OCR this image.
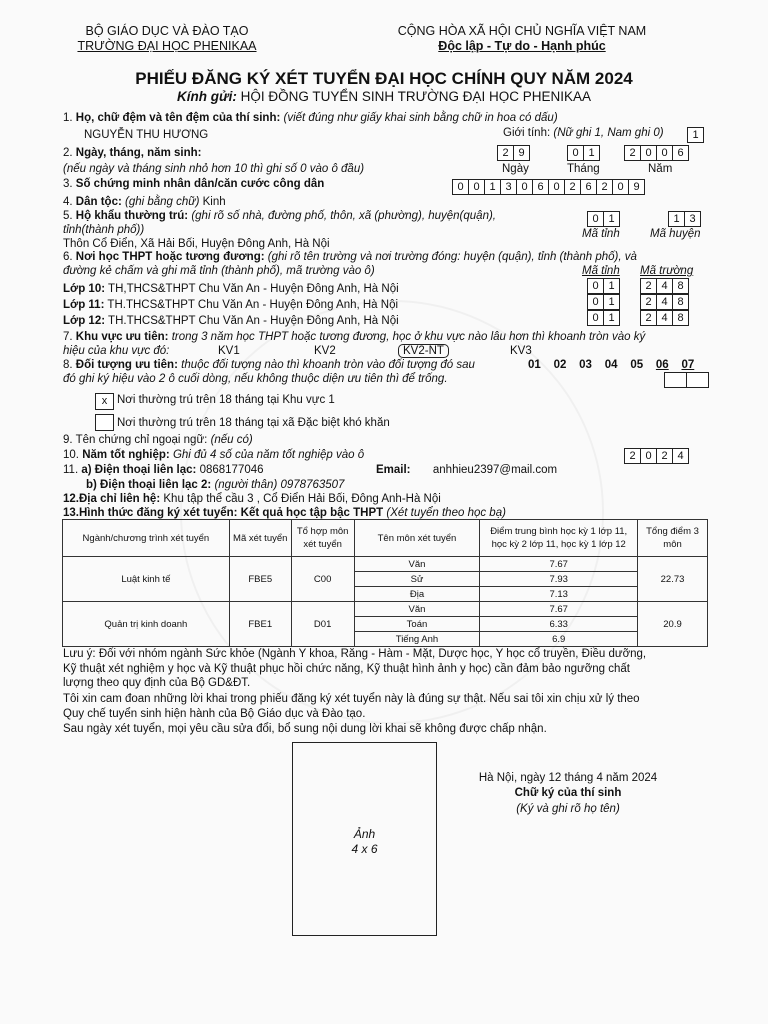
BỘ GIÁO DỤC VÀ ĐÀO TẠO
TRƯỜNG ĐẠI HỌC PHENIKAA
CỘNG HÒA XÃ HỘI CHỦ NGHĨA VIỆT NAM
Độc lập - Tự do - Hạnh phúc
PHIẾU ĐĂNG KÝ XÉT TUYỂN ĐẠI HỌC CHÍNH QUY NĂM 2024
Kính gửi: HỘI ĐỒNG TUYỂN SINH TRƯỜNG ĐẠI HỌC PHENIKAA
1. Họ, chữ đệm và tên đệm của thí sinh: (viết đúng như giấy khai sinh bằng chữ in hoa có dấu)
NGUYỄN THU HƯƠNG	Giới tính: (Nữ ghi 1, Nam ghi 0)	1
2. Ngày, tháng, năm sinh:	2 9	0 1	2 0 0 6
(nếu ngày và tháng sinh nhỏ hơn 10 thì ghi số 0 vào ô đầu)	Ngày	Tháng	Năm
3. Số chứng minh nhân dân/căn cước công dân	0 0 1 3 0 6 0 2 6 2 0 9
4. Dân tộc: (ghi bằng chữ) Kinh
5. Hộ khẩu thường trú: (ghi rõ số nhà, đường phố, thôn, xã (phường), huyện(quận),
tỉnh(thành phố))
Thôn Cổ Điển, Xã Hải Bối, Huyện Đông Anh, Hà Nội
0 1	1 3
Mã tỉnh	Mã huyện
6. Nơi học THPT hoặc tương đương: (ghi rõ tên trường và nơi trường đóng: huyện (quận), tỉnh (thành phố), và
đường kẻ chấm và ghi mã tỉnh (thành phố), mã trường vào ô)	Mã tỉnh Mã trường
Lớp 10: TH,THCS&THPT Chu Văn An - Huyện Đông Anh, Hà Nội
Lớp 11: TH.THCS&THPT Chu Văn An - Huyện Đông Anh, Hà Nội
Lớp 12: TH.THCS&THPT Chu Văn An - Huyện Đông Anh, Hà Nội
0 1	2 4 8
0 1	2 4 8
0 1	2 4 8
7. Khu vực ưu tiên: trong 3 năm học THPT hoặc tương đương, học ở khu vực nào lâu hơn thì khoanh tròn vào ký
hiệu của khu vực đó:	KV1	KV2	KV2-NT	KV3
8. Đối tượng ưu tiên: thuộc đối tượng nào thì khoanh tròn vào đối tượng đó sau
đó ghi ký hiệu vào 2 ô cuối dòng, nếu không thuộc diện ưu tiên thì để trống.
01 02 03 04 05 06 07
x Nơi thường trú trên 18 tháng tại Khu vực 1
Nơi thường trú trên 18 tháng tại xã Đặc biệt khó khăn
9. Tên chứng chỉ ngoại ngữ: (nếu có)
10. Năm tốt nghiệp: Ghi đủ 4 số của năm tốt nghiệp vào ô	2 0 2 4
11. a) Điện thoại liên lạc: 0868177046	Email: anhhieu2397@mail.com
b) Điện thoại liên lạc 2: (người thân) 0978763507
12.Địa chỉ liên hệ: Khu tập thể cầu 3 , Cổ Điển Hải Bối, Đông Anh-Hà Nội
13.Hình thức đăng ký xét tuyển: Kết quả học tập bậc THPT (Xét tuyển theo học bạ)
Ngành/chương trình xét tuyển	Mã xét tuyển	Tổ hợp môn xét tuyển	Tên môn xét tuyển	Điểm trung bình học kỳ 1 lớp 11, học kỳ 2 lớp 11, học kỳ 1 lớp 12	Tổng điểm 3 môn
Luật kinh tế	FBE5	C00	Văn	7.67	22.73
			Sử	7.93	
			Địa	7.13	
Quản trị kinh doanh	FBE1	D01	Văn	7.67	20.9
			Toán	6.33	
			Tiếng Anh	6.9	
Lưu ý: Đối với nhóm ngành Sức khỏe (Ngành Y khoa, Răng - Hàm - Mặt, Dược học, Y học cổ truyền, Điều dưỡng,
Kỹ thuật xét nghiệm y học và Kỹ thuật phục hồi chức năng, Kỹ thuật hình ảnh y học) cần đảm bảo ngưỡng chất
lượng theo quy định của Bộ GD&ĐT.
Tôi xin cam đoan những lời khai trong phiếu đăng ký xét tuyển này là đúng sự thật. Nếu sai tôi xin chịu xử lý theo
Quy chế tuyển sinh hiện hành của Bộ Giáo dục và Đào tạo.
Sau ngày xét tuyển, mọi yêu cầu sửa đổi, bổ sung nội dung lời khai sẽ không được chấp nhận.
Ảnh
4 x 6
Hà Nội, ngày 12 tháng 4 năm 2024
Chữ ký của thí sinh
(Ký và ghi rõ họ tên)
